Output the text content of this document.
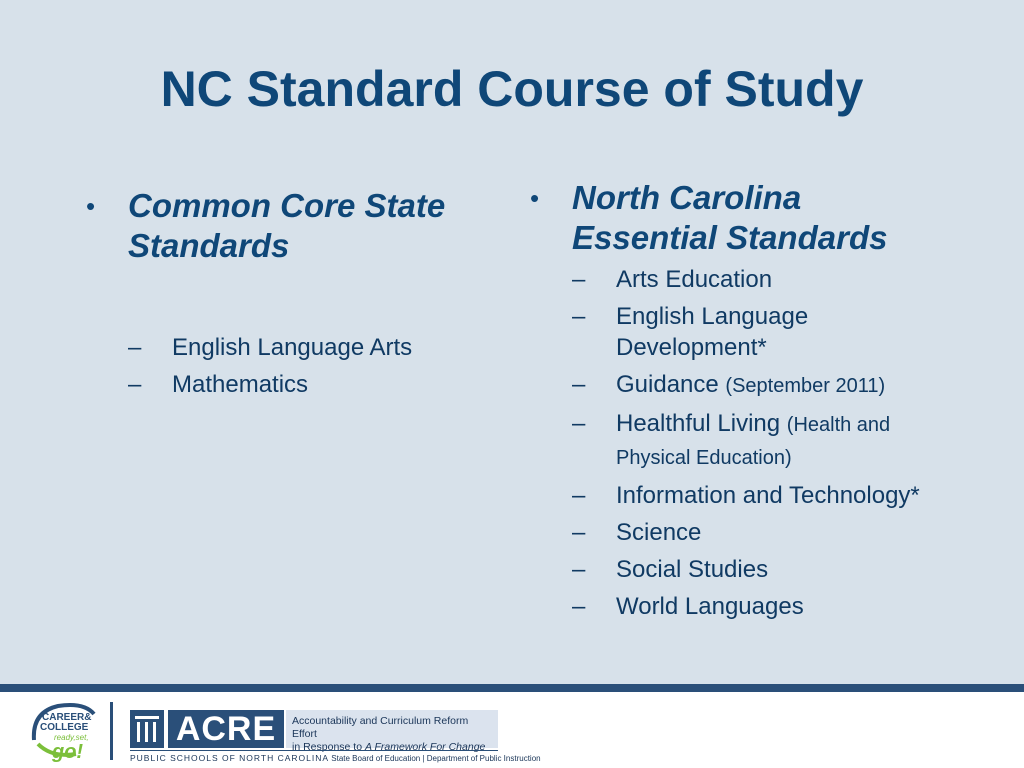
NC Standard Course of Study
• Common Core State Standards
–	English Language Arts
–	Mathematics
• North Carolina Essential Standards
–	Arts Education
–	English Language Development*
–	Guidance (September 2011)
–	Healthful Living (Health and Physical Education)
–	Information and Technology*
–	Science
–	Social Studies
–	World Languages
CAREER&
COLLEGE
ready,set,
go!
ACRE	Accountability and Curriculum Reform Effort
in Response to A Framework For Change
PUBLIC SCHOOLS OF NORTH CAROLINA State Board of Education | Department of Public Instruction
